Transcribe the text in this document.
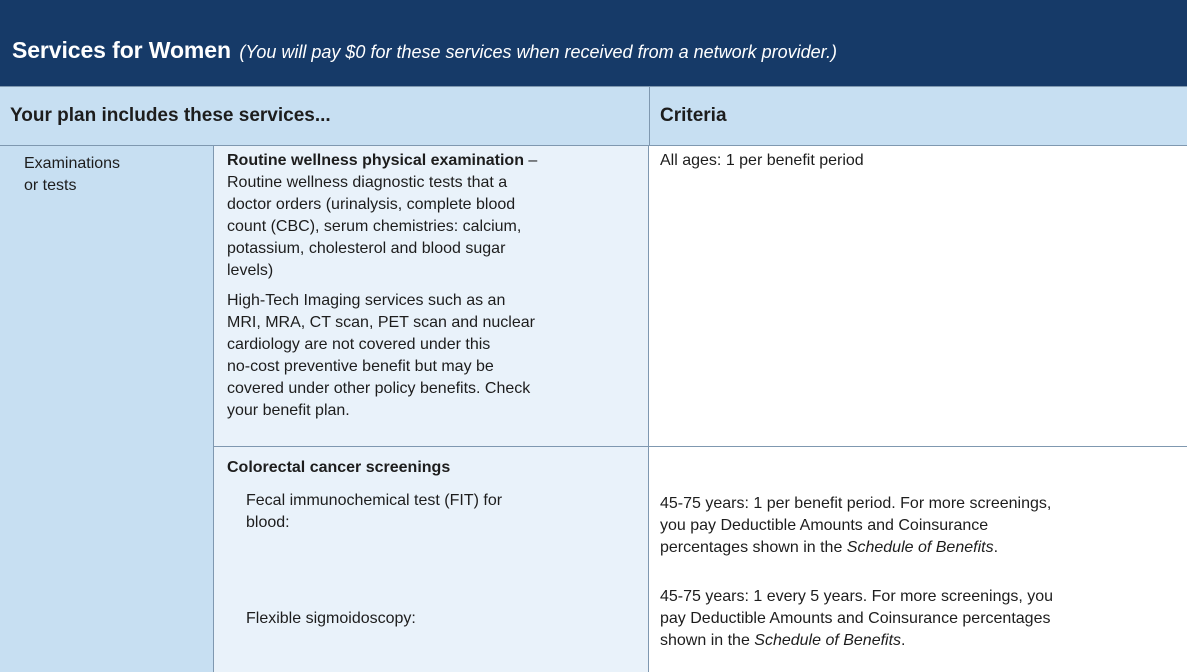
Services for Women (You will pay $0 for these services when received from a network provider.)
Your plan includes these services...	Criteria
Examinations
or tests
Routine wellness physical examination –
Routine wellness diagnostic tests that a
doctor orders (urinalysis, complete blood
count (CBC), serum chemistries: calcium,
potassium, cholesterol and blood sugar
levels)
High-Tech Imaging services such as an
MRI, MRA, CT scan, PET scan and nuclear
cardiology are not covered under this
no-cost preventive benefit but may be
covered under other policy benefits. Check
your benefit plan.
All ages: 1 per benefit period
Colorectal cancer screenings
Fecal immunochemical test (FIT) for
blood:
45-75 years: 1 per benefit period. For more screenings,
you pay Deductible Amounts and Coinsurance
percentages shown in the Schedule of Benefits.
Flexible sigmoidoscopy:
45-75 years: 1 every 5 years. For more screenings, you
pay Deductible Amounts and Coinsurance percentages
shown in the Schedule of Benefits.
